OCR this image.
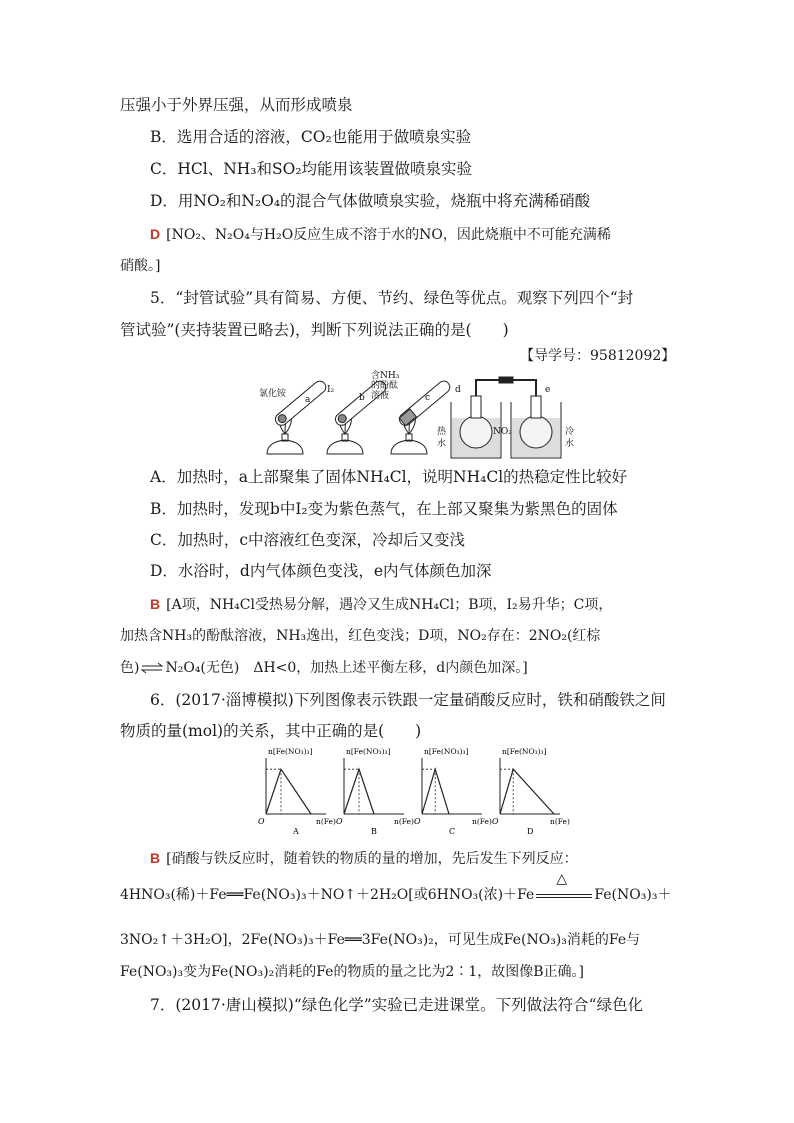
压强小于外界压强，从而形成喷泉
B．选用合适的溶液，CO₂也能用于做喷泉实验
C．HCl、NH₃和SO₂均能用该装置做喷泉实验
D．用NO₂和N₂O₄的混合气体做喷泉实验，烧瓶中将充满稀硝酸
D [NO₂、N₂O₄与H₂O反应生成不溶于水的NO，因此烧瓶中不可能充满稀
硝酸。]
5．“封管试验”具有简易、方便、节约、绿色等优点。观察下列四个“封
管试验”(夹持装置已略去)，判断下列说法正确的是(　　)
【导学号：95812092】
氯化铵
a
I₂
b
含NH₃
的酚酞
溶液	c
d
热
水
NO₂
e
冷
水
A．加热时，a上部聚集了固体NH₄Cl，说明NH₄Cl的热稳定性比较好
B．加热时，发现b中I₂变为紫色蒸气，在上部又聚集为紫黑色的固体
C．加热时，c中溶液红色变深，冷却后又变浅
D．水浴时，d内气体颜色变浅，e内气体颜色加深
B [A项，NH₄Cl受热易分解，遇冷又生成NH₄Cl；B项，I₂易升华；C项，
加热含NH₃的酚酞溶液，NH₃逸出，红色变浅；D项，NO₂存在：2NO₂(红棕
色) ⇌ N₂O₄(无色)　ΔH<0，加热上述平衡左移，d内颜色加深。]
6．(2017·淄博模拟)下列图像表示铁跟一定量硝酸反应时，铁和硝酸铁之间
物质的量(mol)的关系，其中正确的是(　　)
n[Fe(NO₃)₃]
n(Fe)
O
A
n[Fe(NO₃)₃]
n(Fe)
O
B
n[Fe(NO₃)₃]
n(Fe)
O
C
n[Fe(NO₃)₃]
n(Fe)
O
D
B [硝酸与铁反应时，随着铁的物质的量的增加，先后发生下列反应：
4HNO₃(稀)＋Fe══Fe(NO₃)₃＋NO↑＋2H₂O[或6HNO₃(浓)＋Fe
△
Fe(NO₃)₃＋
3NO₂↑＋3H₂O]，2Fe(NO₃)₃＋Fe══3Fe(NO₃)₂，可见生成Fe(NO₃)₃消耗的Fe与
Fe(NO₃)₃变为Fe(NO₃)₂消耗的Fe的物质的量之比为2∶1，故图像B正确。]
7．(2017·唐山模拟)“绿色化学”实验已走进课堂。下列做法符合“绿色化
